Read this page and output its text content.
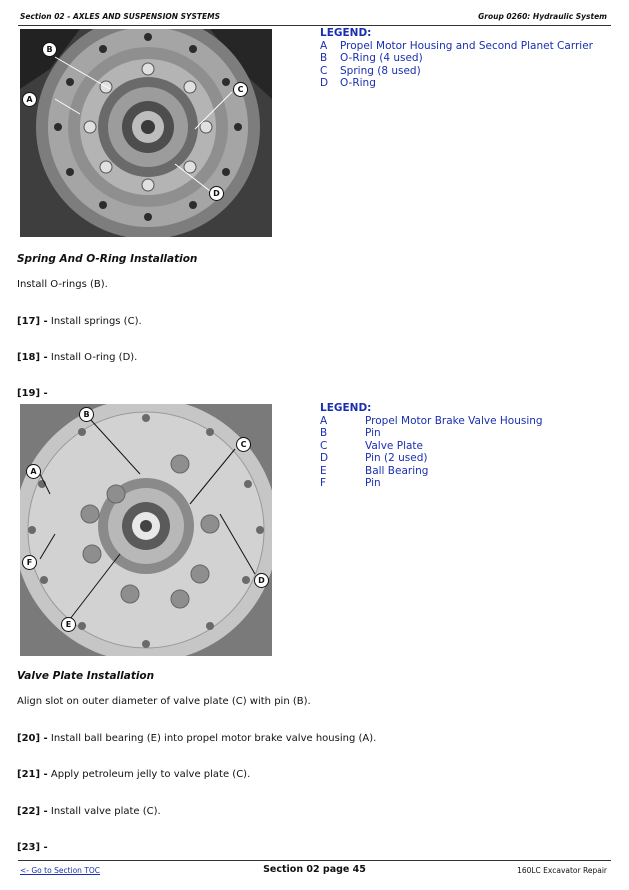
Section 02 - AXLES AND SUSPENSION SYSTEMS	Group 0260: Hydraulic System
A
B
C
D
LEGEND:
A	Propel Motor Housing and Second Planet Carrier
B	O-Ring (4 used)
C	Spring (8 used)
D	O-Ring
Spring And O-Ring Installation
Install O-rings (B).
[17] - Install springs (C).
[18] - Install O-ring (D).
[19] -
A
B
C
D
E
F
LEGEND:
A	Propel Motor Brake Valve Housing
B	Pin
C	Valve Plate
D	Pin (2 used)
E	Ball Bearing
F	Pin
Valve Plate Installation
Align slot on outer diameter of valve plate (C) with pin (B).
[20] - Install ball bearing (E) into propel motor brake valve housing (A).
[21] - Apply petroleum jelly to valve plate (C).
[22] - Install valve plate (C).
[23] -
<- Go to Section TOC	Section 02 page 45	160LC Excavator Repair
